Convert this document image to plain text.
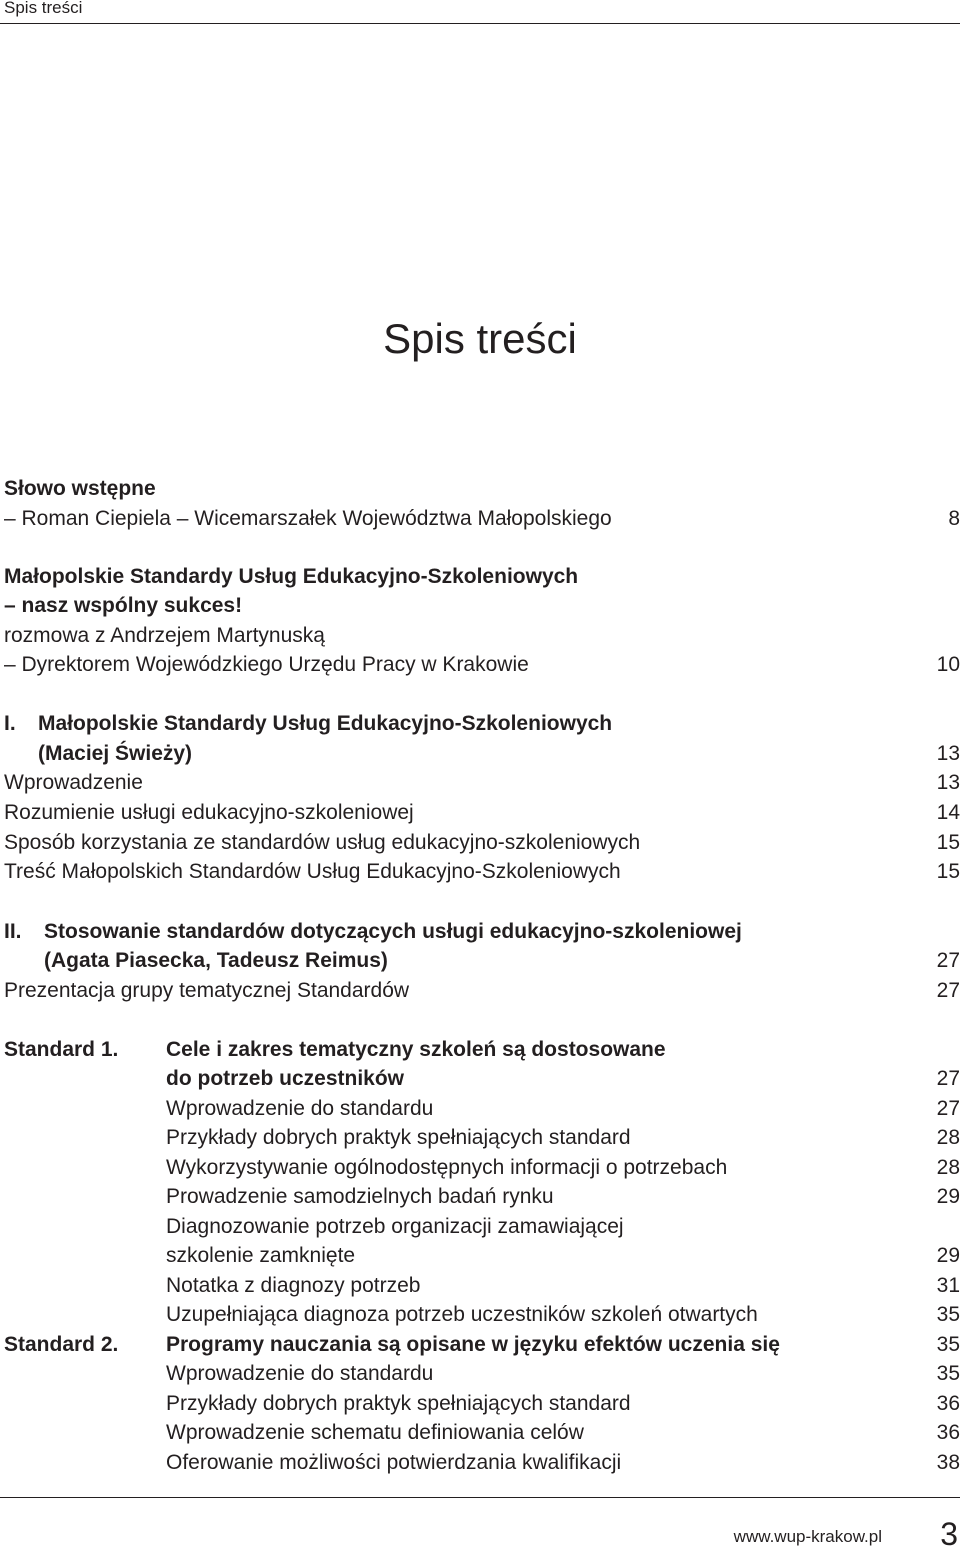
Spis treści
Spis treści
Słowo wstępne
– Roman Ciepiela – Wicemarszałek Województwa Małopolskiego	8
Małopolskie Standardy Usług Edukacyjno-Szkoleniowych
– nasz wspólny sukces!
rozmowa z Andrzejem Martynuską
– Dyrektorem Wojewódzkiego Urzędu Pracy w Krakowie	10
I. Małopolskie Standardy Usług Edukacyjno-Szkoleniowych
(Maciej Świeży)	13
Wprowadzenie	13
Rozumienie usługi edukacyjno-szkoleniowej	14
Sposób korzystania ze standardów usług edukacyjno-szkoleniowych	15
Treść Małopolskich Standardów Usług Edukacyjno-Szkoleniowych	15
II. Stosowanie standardów dotyczących usługi edukacyjno-szkoleniowej
(Agata Piasecka, Tadeusz Reimus)	27
Prezentacja grupy tematycznej Standardów	27
Standard 1. Cele i zakres tematyczny szkoleń są dostosowane
do potrzeb uczestników	27
Wprowadzenie do standardu	27
Przykłady dobrych praktyk spełniających standard	28
Wykorzystywanie ogólnodostępnych informacji o potrzebach	28
Prowadzenie samodzielnych badań rynku	29
Diagnozowanie potrzeb organizacji zamawiającej
szkolenie zamknięte	29
Notatka z diagnozy potrzeb	31
Uzupełniająca diagnoza potrzeb uczestników szkoleń otwartych	35
Standard 2. Programy nauczania są opisane w języku efektów uczenia się	35
Wprowadzenie do standardu	35
Przykłady dobrych praktyk spełniających standard	36
Wprowadzenie schematu definiowania celów	36
Oferowanie możliwości potwierdzania kwalifikacji	38
www.wup-krakow.pl 3
